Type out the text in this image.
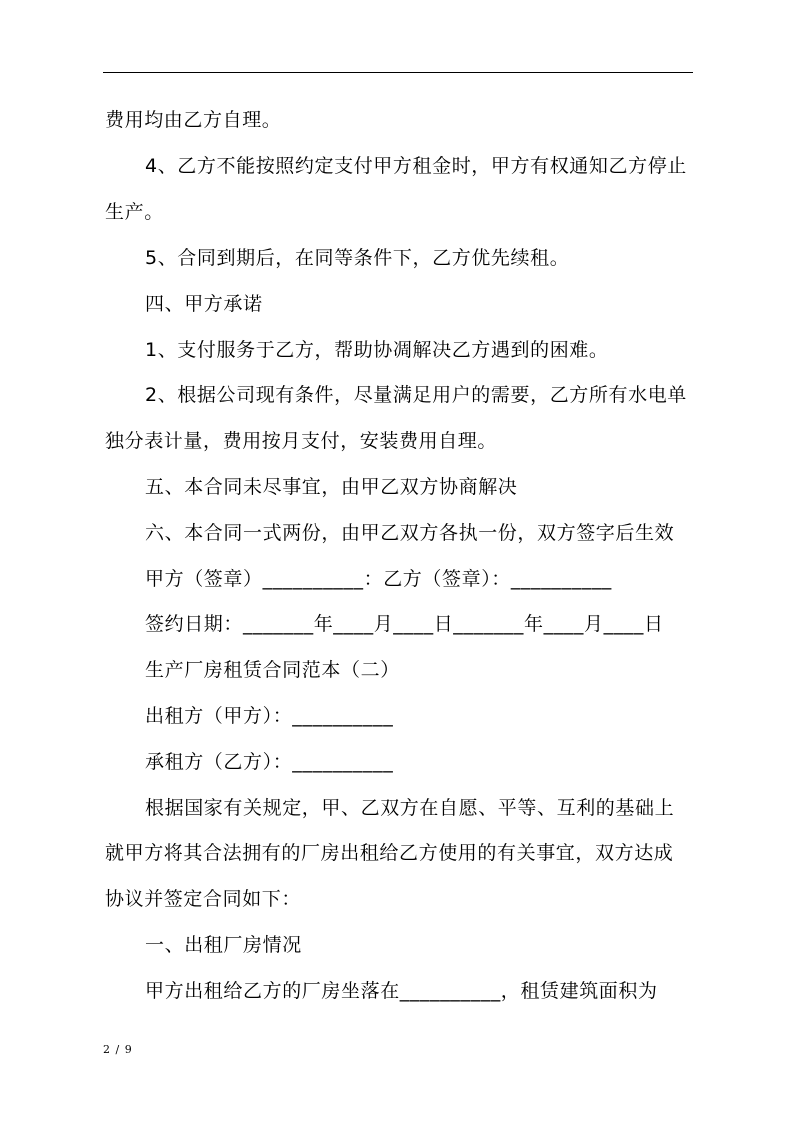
费用均由乙方自理。
4、乙方不能按照约定支付甲方租金时，甲方有权通知乙方停止
生产。
5、合同到期后，在同等条件下，乙方优先续租。
四、甲方承诺
1、支付服务于乙方，帮助协凋解决乙方遇到的困难。
2、根据公司现有条件，尽量满足用户的需要，乙方所有水电单
独分表计量，费用按月支付，安装费用自理。
五、本合同未尽事宜，由甲乙双方协商解决
六、本合同一式两份，由甲乙双方各执一份，双方签字后生效
甲方（签章）__________：乙方（签章）：__________
签约日期：_______年____月____日_______年____月____日
生产厂房租赁合同范本（二）
出租方（甲方）：__________
承租方（乙方）：__________
根据国家有关规定，甲、乙双方在自愿、平等、互利的基础上
就甲方将其合法拥有的厂房出租给乙方使用的有关事宜，双方达成
协议并签定合同如下：
一、出租厂房情况
甲方出租给乙方的厂房坐落在__________，租赁建筑面积为
2 / 9
